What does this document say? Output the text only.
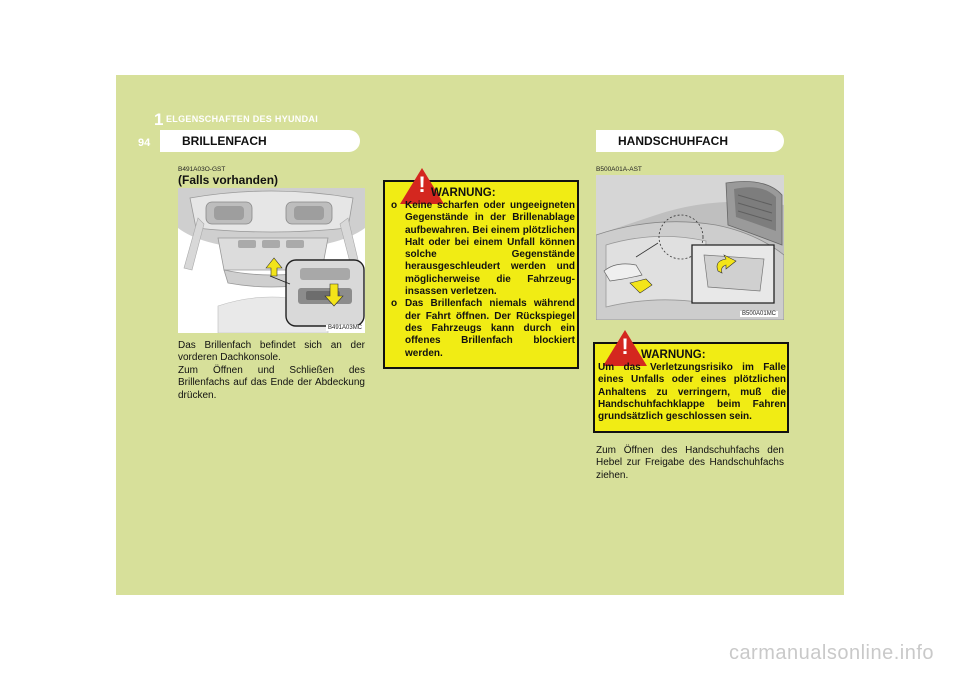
1 ELGENSCHAFTEN DES HYUNDAI
94	BRILLENFACH
B491A03O-GST
(Falls vorhanden)
B491A03MC

Das Brillenfach befindet sich an der vorderen Dachkonsole.
Zum Öffnen und Schließen des Brillenfachs auf das Ende der Abdeckung drücken.

! WARNUNG:
o Keine scharfen oder ungeeigneten Gegenstände in der Brillenablage aufbewahren. Bei einem plötzlichen Halt oder bei einem Unfall können solche Gegenstände herausgeschleudert werden und möglicherweise die Fahrzeug-insassen verletzen.
o Das Brillenfach niemals während der Fahrt öffnen. Der Rückspiegel des Fahrzeugs kann durch ein offenes Brillenfach blockiert werden.
HANDSCHUHFACH
B500A01A-AST
B500A01MC
!	WARNUNG:

Um das Verletzungsrisiko im Falle eines Unfalls oder eines plötzlichen Anhaltens zu verringern, muß die Handschuhfachklappe beim Fahren grundsätzlich geschlossen sein.

Zum Öffnen des Handschuhfachs den Hebel zur Freigabe des Handschuhfachs ziehen.

carmanualsonline.info
